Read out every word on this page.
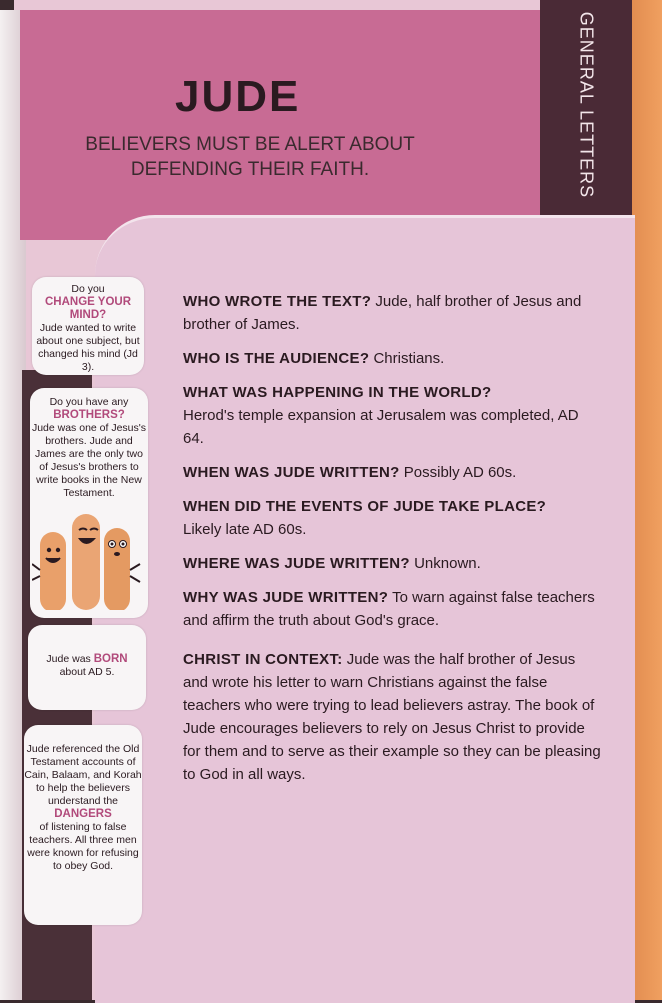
GENERAL LETTERS
JUDE
BELIEVERS MUST BE ALERT ABOUT
DEFENDING THEIR FAITH.
Do you
CHANGE YOUR MIND?
Jude wanted to write about one subject, but changed his mind (Jd 3).
Do you have any
BROTHERS?
Jude was one of Jesus's brothers. Jude and James are the only two of Jesus's brothers to write books in the New Testament.
Jude was BORN
about AD 5.
Jude referenced the Old Testament accounts of Cain, Balaam, and Korah to help the believers understand the
DANGERS
of listening to false teachers. All three men were known for refusing to obey God.
WHO WROTE THE TEXT? Jude, half brother of Jesus and brother of James.
WHO IS THE AUDIENCE? Christians.
WHAT WAS HAPPENING IN THE WORLD?
Herod's temple expansion at Jerusalem was completed, AD 64.
WHEN WAS JUDE WRITTEN? Possibly AD 60s.
WHEN DID THE EVENTS OF JUDE TAKE PLACE?
Likely late AD 60s.
WHERE WAS JUDE WRITTEN? Unknown.
WHY WAS JUDE WRITTEN? To warn against false teachers and affirm the truth about God's grace.
CHRIST IN CONTEXT: Jude was the half brother of Jesus and wrote his letter to warn Christians against the false teachers who were trying to lead believers astray. The book of Jude encourages believers to rely on Jesus Christ to provide for them and to serve as their example so they can be pleasing to God in all ways.
